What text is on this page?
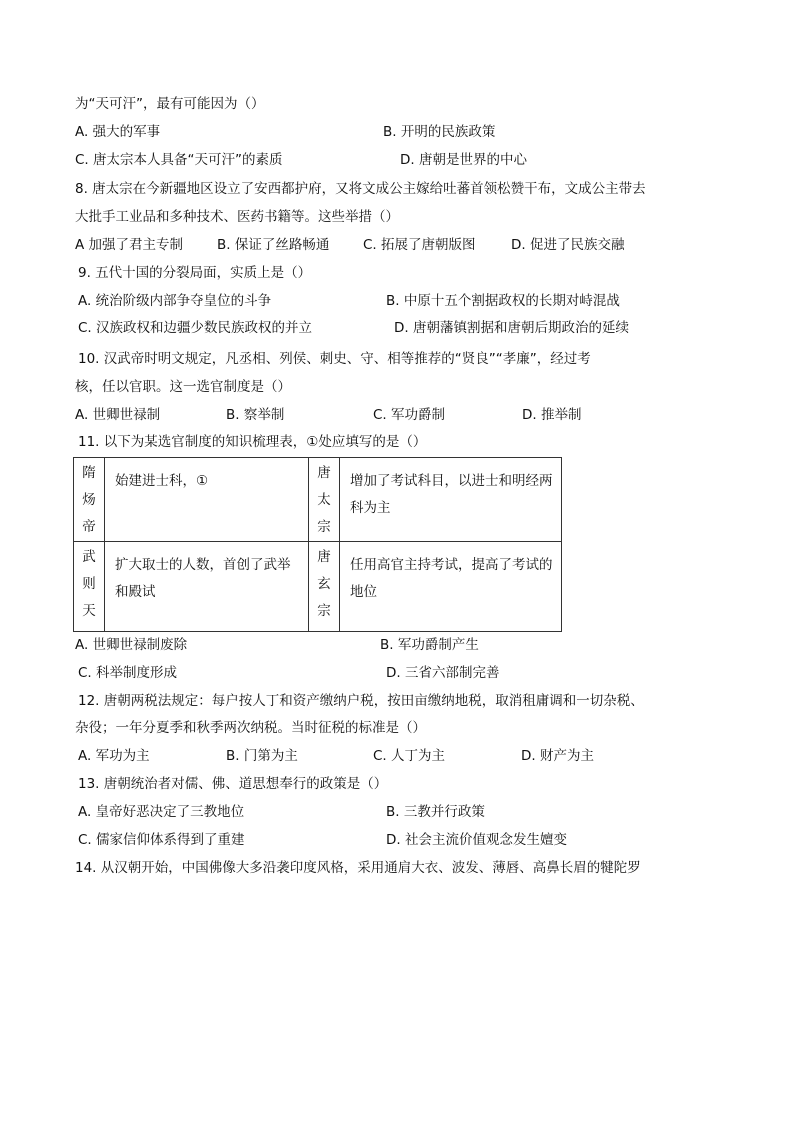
为“天可汗”，最有可能因为（）
A. 强大的军事	B. 开明的民族政策
C. 唐太宗本人具备“天可汗”的素质	D. 唐朝是世界的中心
8. 唐太宗在今新疆地区设立了安西都护府，又将文成公主嫁给吐蕃首领松赞干布，文成公主带去
大批手工业品和多种技术、医药书籍等。这些举措（）
A 加强了君主专制	B. 保证了丝路畅通 C. 拓展了唐朝版图	D. 促进了民族交融
9. 五代十国的分裂局面，实质上是（）
A. 统治阶级内部争夺皇位的斗争	B. 中原十五个割据政权的长期对峙混战
C. 汉族政权和边疆少数民族政权的并立	D. 唐朝藩镇割据和唐朝后期政治的延续
10. 汉武帝时明文规定，凡丞相、列侯、刺史、守、相等推荐的“贤良”“孝廉”，经过考
核，任以官职。这一选官制度是（）
A. 世卿世禄制	B. 察举制	C. 军功爵制	D. 推举制
11. 以下为某选官制度的知识梳理表，①处应填写的是（）
隋
炀
帝	始建进士科，①	唐
太
宗	增加了考试科目，以进士和明经两科为主

武
则
天	扩大取士的人数，首创了武举和殿试	唐
玄
宗	任用高官主持考试，提高了考试的地位
A. 世卿世禄制废除	B. 军功爵制产生
C. 科举制度形成	D. 三省六部制完善
12. 唐朝两税法规定：每户按人丁和资产缴纳户税，按田亩缴纳地税，取消租庸调和一切杂税、
杂役；一年分夏季和秋季两次纳税。当时征税的标准是（）
A. 军功为主	B. 门第为主	C. 人丁为主	D. 财产为主
13. 唐朝统治者对儒、佛、道思想奉行的政策是（）
A. 皇帝好恶决定了三教地位	B. 三教并行政策
C. 儒家信仰体系得到了重建	D. 社会主流价值观念发生嬗变
14. 从汉朝开始，中国佛像大多沿袭印度风格，采用通肩大衣、波发、薄唇、高鼻长眉的犍陀罗
